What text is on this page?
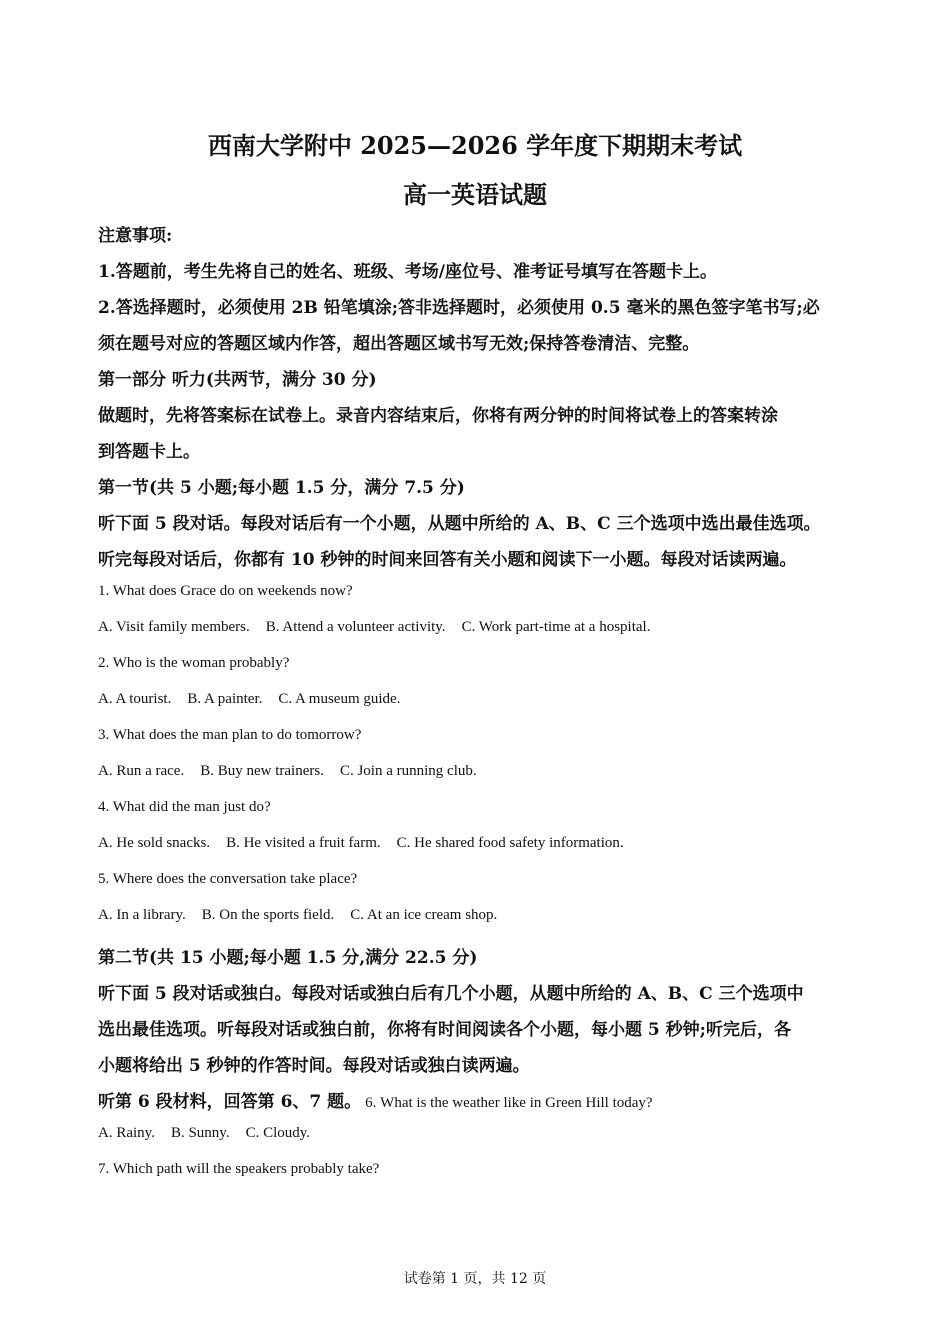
西南大学附中 2025—2026 学年度下期期末考试
高一英语试题
注意事项:
1.答题前，考生先将自己的姓名、班级、考场/座位号、准考证号填写在答题卡上。
2.答选择题时，必须使用 2B 铅笔填涂;答非选择题时，必须使用 0.5 毫米的黑色签字笔书写;必
须在题号对应的答题区域内作答，超出答题区域书写无效;保持答卷清洁、完整。
第一部分 听力(共两节，满分 30 分)
做题时，先将答案标在试卷上。录音内容结束后，你将有两分钟的时间将试卷上的答案转涂
到答题卡上。
第一节(共 5 小题;每小题 1.5 分，满分 7.5 分)
听下面 5 段对话。每段对话后有一个小题，从题中所给的 A、B、C 三个选项中选出最佳选项。
听完每段对话后，你都有 10 秒钟的时间来回答有关小题和阅读下一小题。每段对话读两遍。
1. What does Grace do on weekends now?
A. Visit family members. B. Attend a volunteer activity. C. Work part-time at a hospital.
2. Who is the woman probably?
A. A tourist. B. A painter. C. A museum guide.
3. What does the man plan to do tomorrow?
A. Run a race. B. Buy new trainers. C. Join a running club.
4. What did the man just do?
A. He sold snacks. B. He visited a fruit farm. C. He shared food safety information.
5. Where does the conversation take place?
A. In a library. B. On the sports field. C. At an ice cream shop.
第二节(共 15 小题;每小题 1.5 分,满分 22.5 分)
听下面 5 段对话或独白。每段对话或独白后有几个小题，从题中所给的 A、B、C 三个选项中
选出最佳选项。听每段对话或独白前，你将有时间阅读各个小题，每小题 5 秒钟;听完后，各
小题将给出 5 秒钟的作答时间。每段对话或独白读两遍。
听第 6 段材料，回答第 6、7 题。 6. What is the weather like in Green Hill today?
A. Rainy. B. Sunny. C. Cloudy.
7. Which path will the speakers probably take?
试卷第 1 页，共 12 页
